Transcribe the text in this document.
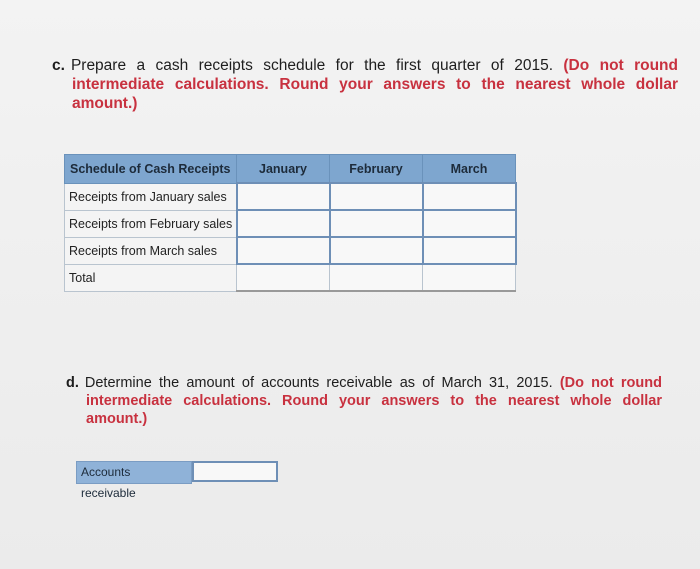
c. Prepare a cash receipts schedule for the first quarter of 2015. (Do not round intermediate calculations. Round your answers to the nearest whole dollar amount.)
Schedule of Cash Receipts	January	February	March
Receipts from January sales			
Receipts from February sales			
Receipts from March sales			
Total			
d. Determine the amount of accounts receivable as of March 31, 2015. (Do not round intermediate calculations. Round your answers to the nearest whole dollar amount.)
Accounts receivable
